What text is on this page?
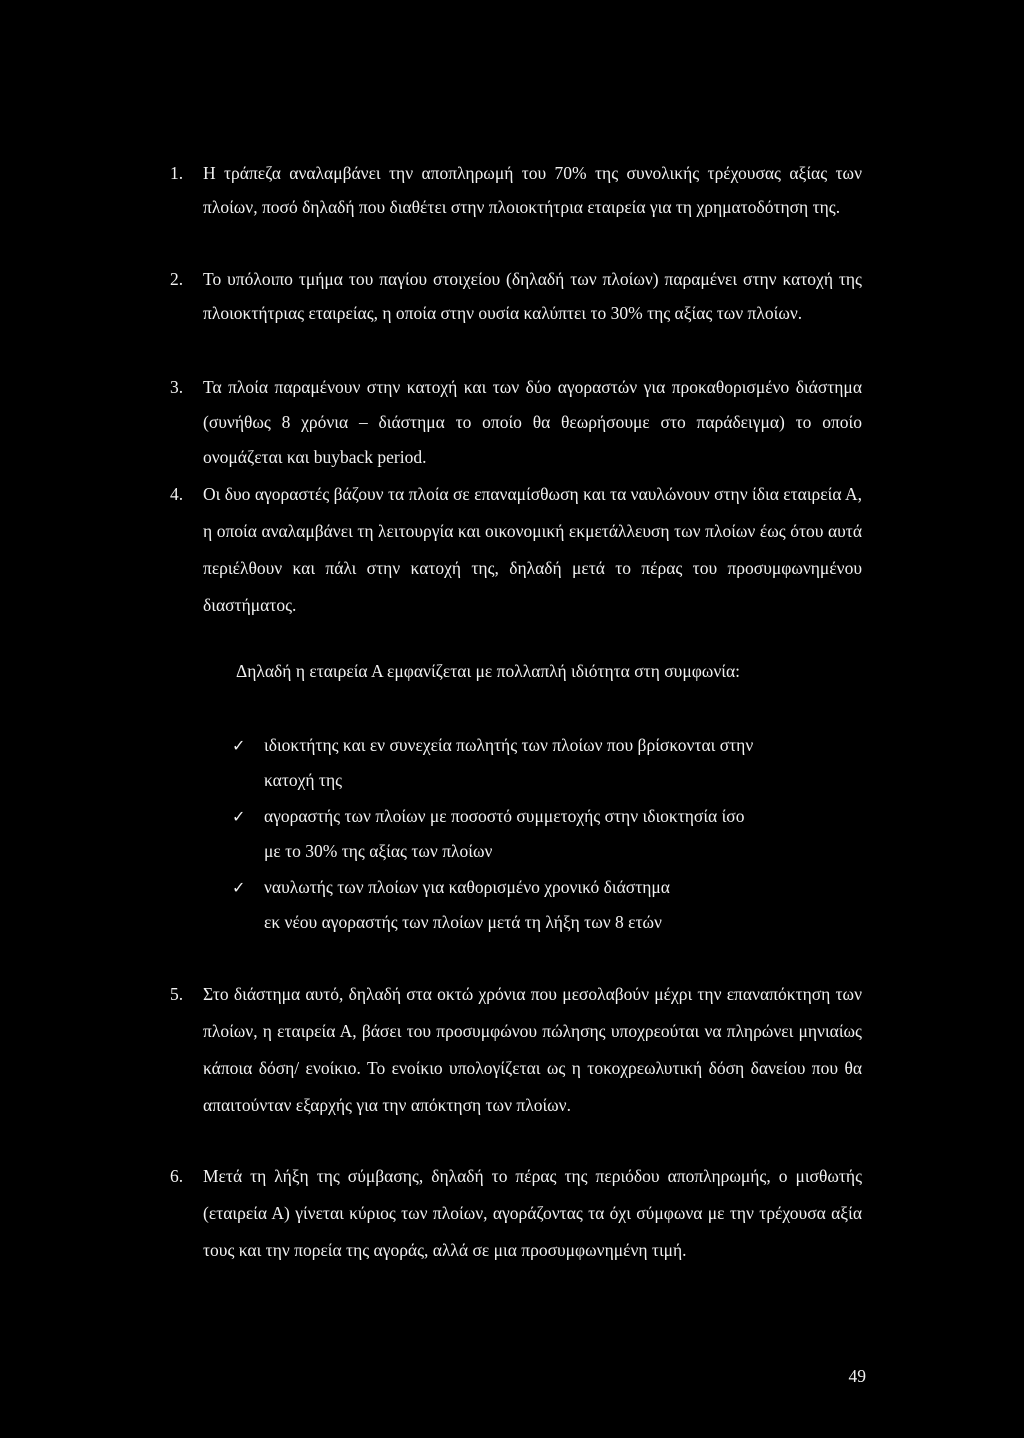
1.	Η τράπεζα αναλαμβάνει την αποπληρωμή του 70% της συνολικής τρέχουσας αξίας των πλοίων, ποσό δηλαδή που διαθέτει στην πλοιοκτήτρια εταιρεία για τη χρηματοδότηση της.
2.	Το υπόλοιπο τμήμα του παγίου στοιχείου (δηλαδή των πλοίων) παραμένει στην κατοχή της πλοιοκτήτριας εταιρείας, η οποία στην ουσία καλύπτει το 30% της αξίας των πλοίων.
3.	Τα πλοία παραμένουν στην κατοχή και των δύο αγοραστών για προκαθορισμένο διάστημα (συνήθως 8 χρόνια – διάστημα το οποίο θα θεωρήσουμε στο παράδειγμα) το οποίο ονομάζεται και buyback period.
4.	Οι δυο αγοραστές βάζουν τα πλοία σε επαναμίσθωση και τα ναυλώνουν στην ίδια εταιρεία Α, η οποία αναλαμβάνει τη λειτουργία και οικονομική εκμετάλλευση των πλοίων έως ότου αυτά περιέλθουν και πάλι στην κατοχή της, δηλαδή μετά το πέρας του προσυμφωνημένου διαστήματος.
Δηλαδή η εταιρεία Α εμφανίζεται με πολλαπλή ιδιότητα στη συμφωνία:
✓	ιδιοκτήτης και εν συνεχεία πωλητής των πλοίων που βρίσκονται στην
κατοχή της
✓	αγοραστής των πλοίων με ποσοστό συμμετοχής στην ιδιοκτησία ίσο
με το 30% της αξίας των πλοίων
✓	ναυλωτής των πλοίων για καθορισμένο χρονικό διάστημα
εκ νέου αγοραστής των πλοίων μετά τη λήξη των 8 ετών
5.	Στο διάστημα αυτό, δηλαδή στα οκτώ χρόνια που μεσολαβούν μέχρι την επαναπόκτηση των πλοίων, η εταιρεία Α, βάσει του προσυμφώνου πώλησης υποχρεούται να πληρώνει μηνιαίως κάποια δόση/ ενοίκιο. Το ενοίκιο υπολογίζεται ως η τοκοχρεωλυτική δόση δανείου που θα απαιτούνταν εξαρχής για την απόκτηση των πλοίων.
6.	Μετά τη λήξη της σύμβασης, δηλαδή το πέρας της περιόδου αποπληρωμής, ο μισθωτής (εταιρεία Α) γίνεται κύριος των πλοίων, αγοράζοντας τα όχι σύμφωνα με την τρέχουσα αξία τους και την πορεία της αγοράς, αλλά σε μια προσυμφωνημένη τιμή.
49
